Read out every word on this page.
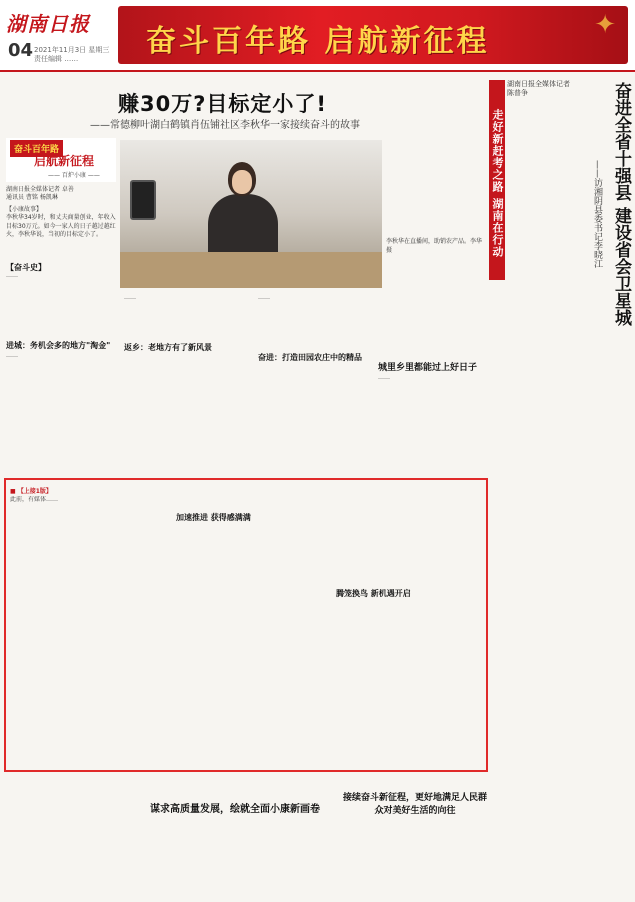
湖南日报
04 2021年11月3日 星期三
责任编辑 ……	奋斗百年路 启航新征程	✦
赚30万?目标定小了!
——常德柳叶湖白鹤镇肖伍铺社区李秋华一家接续奋斗的故事
奋斗百年路
启航新征程
—— 百炉小康 ——
湖南日报全媒体记者 卓善
通讯员 曹铭 杨凯琳
【小康故事】
李秋华34岁时，和丈夫商量创业，年收入目标30万元。如今一家人的日子越过越红火，李秋华说，当初的目标定小了。
【奋斗史】
……
进城：务机会多的地方"淘金"
……
李秋华在直播间，助销农产品。李华 摄
返乡：老地方有了新风景
……
奋进：打造田园农庄中的精品
……
城里乡里都能过上好日子
……
■ 【上接1版】
加速推进 获得感满满
腾笼换鸟 新机遇开启
此前，有媒体……
谋求高质量发展，绘就全面小康新画卷
接续奋斗新征程，更好地满足人民群众对美好生活的向往
走好新赶考之路 湖南在行动	奋进全省十强县 建设省会卫星城
——访湘阴县委书记李晓江
湖南日报全媒体记者
陈普争
